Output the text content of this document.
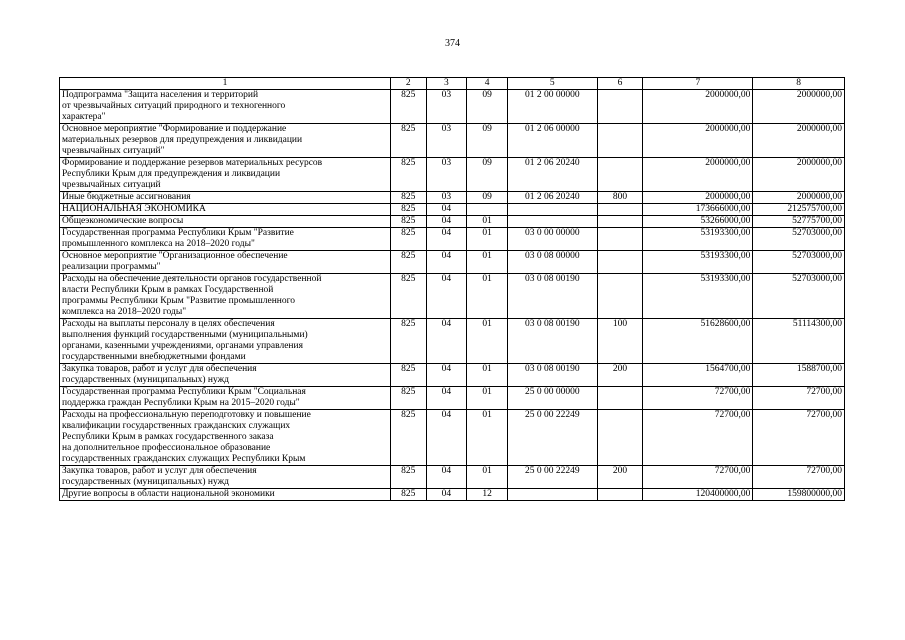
374
1	2	3	4	5	6	7	8
Подпрограмма "Защита населения и территорий
от чрезвычайных ситуаций природного и техногенного
характера"	825	03	09	01 2 00 00000		2000000,00	2000000,00
Основное мероприятие "Формирование и поддержание
материальных резервов для предупреждения и ликвидации
чрезвычайных ситуаций"	825	03	09	01 2 06 00000		2000000,00	2000000,00
Формирование и поддержание резервов материальных ресурсов
Республики Крым для предупреждения и ликвидации
чрезвычайных ситуаций	825	03	09	01 2 06 20240		2000000,00	2000000,00
Иные бюджетные ассигнования	825	03	09	01 2 06 20240	800	2000000,00	2000000,00
НАЦИОНАЛЬНАЯ ЭКОНОМИКА	825	04				173666000,00	212575700,00
Общеэкономические вопросы	825	04	01			53266000,00	52775700,00
Государственная программа Республики Крым "Развитие
промышленного комплекса на 2018–2020 годы"	825	04	01	03 0 00 00000		53193300,00	52703000,00
Основное мероприятие "Организационное обеспечение
реализации программы"	825	04	01	03 0 08 00000		53193300,00	52703000,00
Расходы на обеспечение деятельности органов государственной
власти Республики Крым в рамках Государственной
программы Республики Крым "Развитие промышленного
комплекса на 2018–2020 годы"	825	04	01	03 0 08 00190		53193300,00	52703000,00
Расходы на выплаты персоналу в целях обеспечения
выполнения функций государственными (муниципальными)
органами, казенными учреждениями, органами управления
государственными внебюджетными фондами	825	04	01	03 0 08 00190	100	51628600,00	51114300,00
Закупка товаров, работ и услуг для обеспечения
государственных (муниципальных) нужд	825	04	01	03 0 08 00190	200	1564700,00	1588700,00
Государственная программа Республики Крым "Социальная
поддержка граждан Республики Крым на 2015–2020 годы"	825	04	01	25 0 00 00000		72700,00	72700,00
Расходы на профессиональную переподготовку и повышение
квалификации государственных гражданских служащих
Республики Крым в рамках государственного заказа
на дополнительное профессиональное образование
государственных гражданских служащих Республики Крым	825	04	01	25 0 00 22249		72700,00	72700,00
Закупка товаров, работ и услуг для обеспечения
государственных (муниципальных) нужд	825	04	01	25 0 00 22249	200	72700,00	72700,00
Другие вопросы в области национальной экономики	825	04	12			120400000,00	159800000,00
